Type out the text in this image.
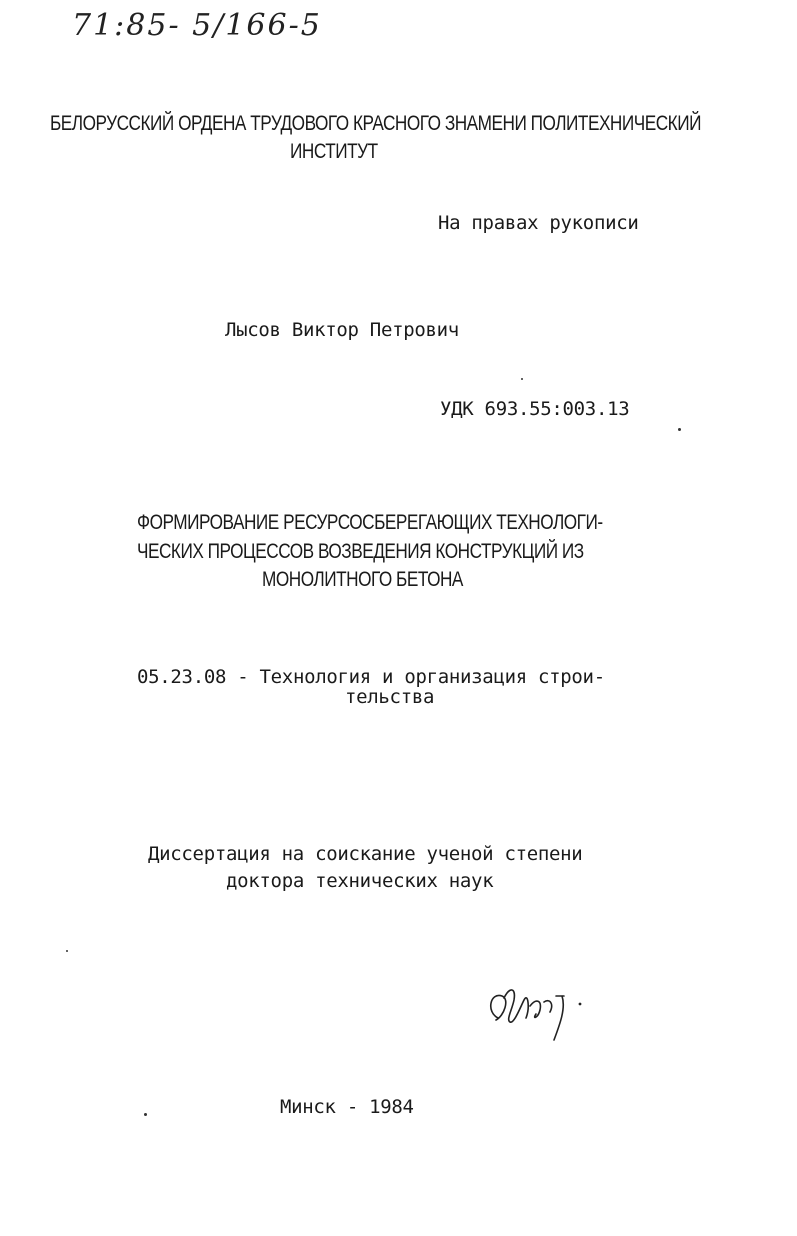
71:85- 5/166-5
БЕЛОРУССКИЙ ОРДЕНА ТРУДОВОГО КРАСНОГО ЗНАМЕНИ ПОЛИТЕХНИЧЕСКИЙ
ИНСТИТУТ
На правах рукописи
Лысов Виктор Петрович
УДК 693.55:003.13
ФОРМИРОВАНИЕ РЕСУРСОСБЕРЕГАЮЩИХ ТЕХНОЛОГИ-
ЧЕСКИХ ПРОЦЕССОВ ВОЗВЕДЕНИЯ КОНСТРУКЦИЙ ИЗ
МОНОЛИТНОГО БЕТОНА
05.23.08 - Технология и организация строи-
тельства
Диссертация на соискание ученой степени
доктора технических наук
Минск - 1984
